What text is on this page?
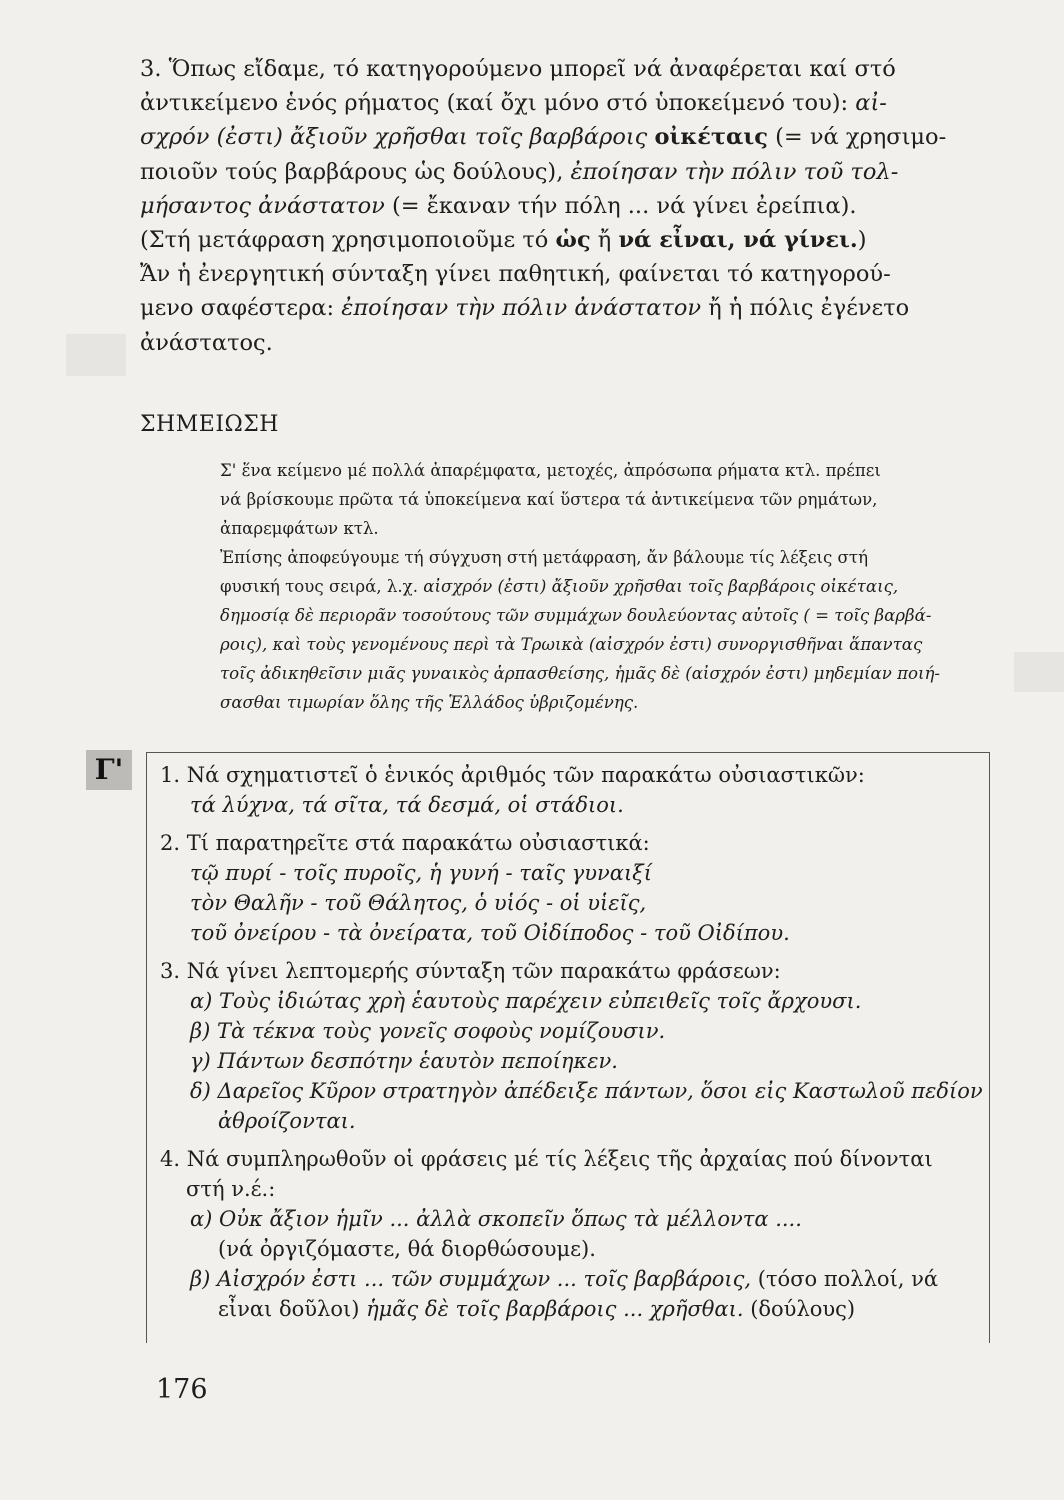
3. Ὅπως εἴδαμε, τό κατηγορούμενο μπορεῖ νά ἀναφέρεται καί στό

ἀντικείμενο ἑνός ρήματος (καί ὄχι μόνο στό ὑποκείμενό του): αἰ-

σχρόν (ἐστι) ἄξιοῦν χρῆσθαι τοῖς βαρβάροις οἰκέταις (= νά χρησιμο-

ποιοῦν τούς βαρβάρους ὡς δούλους), ἐποίησαν τὴν πόλιν τοῦ τολ-

μήσαντος ἀνάστατον (= ἔκαναν τήν πόλη ... νά γίνει ἐρείπια).

(Στή μετάφραση χρησιμοποιοῦμε τό ὡς ἤ νά εἶναι, νά γίνει.)

Ἄν ἡ ἐνεργητική σύνταξη γίνει παθητική, φαίνεται τό κατηγορού-

μενο σαφέστερα: ἐποίησαν τὴν πόλιν ἀνάστατον ἤ ἡ πόλις ἐγένετο

ἀνάστατος.

ΣΗΜΕΙΩΣΗ

Σ' ἕνα κείμενο μέ πολλά ἀπαρέμφατα, μετοχές, ἀπρόσωπα ρήματα κτλ. πρέπει

νά βρίσκουμε πρῶτα τά ὑποκείμενα καί ὕστερα τά ἀντικείμενα τῶν ρημάτων,

ἀπαρεμφάτων κτλ.

Ἐπίσης ἀποφεύγουμε τή σύγχυση στή μετάφραση, ἄν βάλουμε τίς λέξεις στή

φυσική τους σειρά, λ.χ. αἰσχρόν (ἐστι) ἄξιοῦν χρῆσθαι τοῖς βαρβάροις οἰκέταις,

δημοσίᾳ δὲ περιορᾶν τοσούτους τῶν συμμάχων δουλεύοντας αὐτοῖς ( = τοῖς βαρβά-

ροις), καὶ τοὺς γενομένους περὶ τὰ Τρωικὰ (αἰσχρόν ἐστι) συνοργισθῆναι ἅπαντας

τοῖς ἀδικηθεῖσιν μιᾶς γυναικὸς ἁρπασθείσης, ἡμᾶς δὲ (αἰσχρόν ἐστι) μηδεμίαν ποιή-

σασθαι τιμωρίαν ὅλης τῆς Ἑλλάδος ὑβριζομένης.

Γ'	1. Νά σχηματιστεῖ ὁ ἑνικός ἀριθμός τῶν παρακάτω οὐσιαστικῶν:

τά λύχνα, τά σῖτα, τά δεσμά, οἱ στάδιοι.

2. Τί παρατηρεῖτε στά παρακάτω οὐσιαστικά:

τῷ πυρί - τοῖς πυροῖς, ἡ γυνή - ταῖς γυναιξί

τὸν Θαλῆν - τοῦ Θάλητος, ὁ υἱός - οἱ υἱεῖς,

τοῦ ὀνείρου - τὰ ὀνείρατα, τοῦ Οἰδίποδος - τοῦ Οἰδίπου.

3. Νά γίνει λεπτομερής σύνταξη τῶν παρακάτω φράσεων:

α) Τοὺς ἰδιώτας χρὴ ἑαυτοὺς παρέχειν εὐπειθεῖς τοῖς ἄρχουσι.

β) Τὰ τέκνα τοὺς γονεῖς σοφοὺς νομίζουσιν.

γ) Πάντων δεσπότην ἑαυτὸν πεποίηκεν.

δ) Δαρεῖος Κῦρον στρατηγὸν ἀπέδειξε πάντων, ὅσοι εἰς Καστωλοῦ πεδίον

ἀθροίζονται.

4. Νά συμπληρωθοῦν οἱ φράσεις μέ τίς λέξεις τῆς ἀρχαίας πού δίνονται

στή ν.έ.:

α) Οὐκ ἄξιον ἡμῖν ... ἀλλὰ σκοπεῖν ὅπως τὰ μέλλοντα ....

(νά ὀργιζόμαστε, θά διορθώσουμε).

β) Αἰσχρόν ἐστι ... τῶν συμμάχων ... τοῖς βαρβάροις, (τόσο πολλοί, νά

εἶναι δοῦλοι) ἡμᾶς δὲ τοῖς βαρβάροις ... χρῆσθαι. (δούλους)

176
